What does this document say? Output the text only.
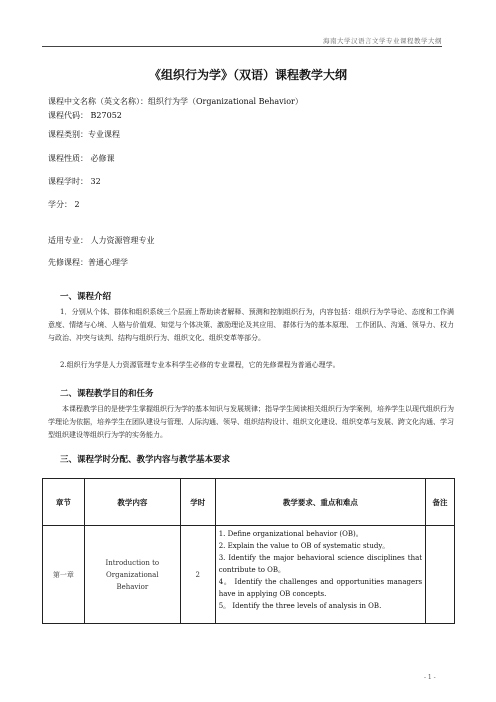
海南大学汉语言文学专业课程教学大纲
《组织行为学》（双语）课程教学大纲
课程中文名称（英文名称）：组织行为学（Organizational Behavior）
课程代码： B27052
课程类别：专业课程
课程性质： 必修课
课程学时： 32
学分： 2
适用专业： 人力资源管理专业
先修课程：普通心理学
一、课程介绍
1．分别从个体、群体和组织系统三个层面上帮助读者解释、预测和控制组织行为，内容包括：组织行为学导论、态度和工作满意度、情绪与心境、人格与价值观、知觉与个体决策、激励理论及其应用、 群体行为的基本原理、 工作团队、沟通、领导力、权力与政治、冲突与谈判、结构与组织行为、组织文化、组织变革等部分。
2.组织行为学是人力资源管理专业本科学生必修的专业课程，它的先修课程为普通心理学。
二、课程教学目的和任务
本课程教学目的是使学生掌握组织行为学的基本知识与发展规律；指导学生阅读相关组织行为学案例，培养学生以现代组织行为学理论为依据，培养学生在团队建设与管理、人际沟通、领导、组织结构设计、组织文化建设、组织变革与发展、跨文化沟通、学习型组织建设等组织行为学的实务能力。
三、课程学时分配、教学内容与教学基本要求
章节	教学内容	学时	教学要求、重点和难点	备注
第一章	Introduction to Organizational Behavior	2	1. Define organizational behavior (OB)。
2. Explain the value to OB of systematic study。
3. Identify the major behavioral science disciplines that contribute to OB。
4。 Identify the challenges and opportunities managers have in applying OB concepts.
5。 Identify the three levels of analysis in OB.	

- 1 -
